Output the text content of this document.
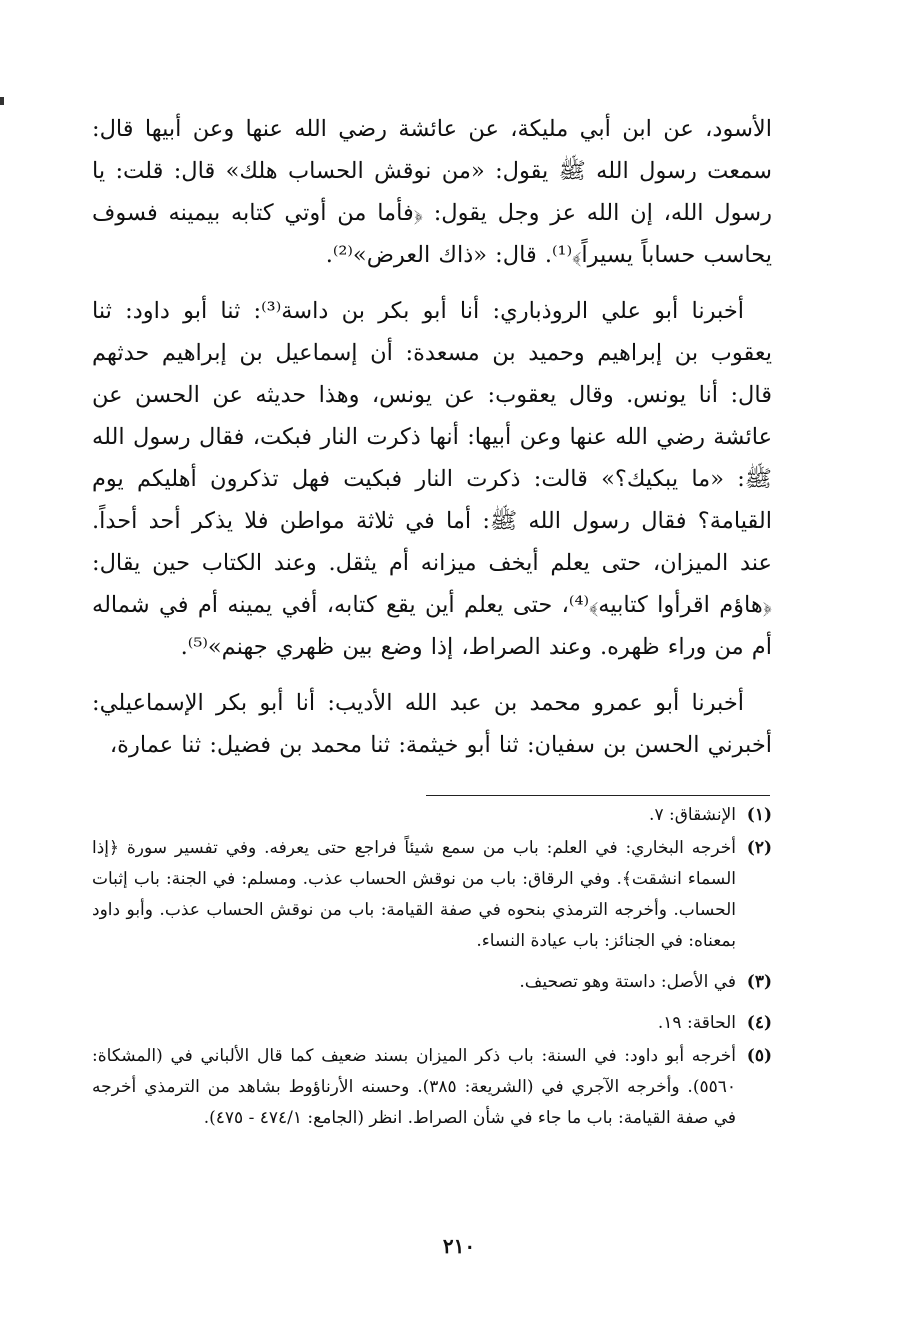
الأسود، عن ابن أبي مليكة، عن عائشة رضي الله عنها وعن أبيها قال: سمعت رسول الله ﷺ يقول: «من نوقش الحساب هلك» قال: قلت: يا رسول الله، إن الله عز وجل يقول: ﴿فأما من أوتي كتابه بيمينه فسوف يحاسب حساباً يسيراً﴾⁽¹⁾. قال: «ذاك العرض»⁽²⁾.

أخبرنا أبو علي الروذباري: أنا أبو بكر بن داسة⁽³⁾: ثنا أبو داود: ثنا يعقوب بن إبراهيم وحميد بن مسعدة: أن إسماعيل بن إبراهيم حدثهم قال: أنا يونس. وقال يعقوب: عن يونس، وهذا حديثه عن الحسن عن عائشة رضي الله عنها وعن أبيها: أنها ذكرت النار فبكت، فقال رسول الله ﷺ: «ما يبكيك؟» قالت: ذكرت النار فبكيت فهل تذكرون أهليكم يوم القيامة؟ فقال رسول الله ﷺ: أما في ثلاثة مواطن فلا يذكر أحد أحداً. عند الميزان، حتى يعلم أيخف ميزانه أم يثقل. وعند الكتاب حين يقال: ﴿هاؤم اقرأوا كتابيه﴾⁽⁴⁾، حتى يعلم أين يقع كتابه، أفي يمينه أم في شماله أم من وراء ظهره. وعند الصراط، إذا وضع بين ظهري جهنم»⁽⁵⁾.

أخبرنا أبو عمرو محمد بن عبد الله الأديب: أنا أبو بكر الإسماعيلي: أخبرني الحسن بن سفيان: ثنا أبو خيثمة: ثنا محمد بن فضيل: ثنا عمارة،

(١)
الإنشقاق: ٧.
(٢)
أخرجه البخاري: في العلم: باب من سمع شيئاً فراجع حتى يعرفه. وفي تفسير سورة ﴿إذا السماء انشقت﴾. وفي الرقاق: باب من نوقش الحساب عذب. ومسلم: في الجنة: باب إثبات الحساب. وأخرجه الترمذي بنحوه في صفة القيامة: باب من نوقش الحساب عذب. وأبو داود بمعناه: في الجنائز: باب عيادة النساء.
(٣)
في الأصل: داستة وهو تصحيف.
(٤)
الحاقة: ١٩.
(٥)
أخرجه أبو داود: في السنة: باب ذكر الميزان بسند ضعيف كما قال الألباني في (المشكاة: ٥٥٦٠). وأخرجه الآجري في (الشريعة: ٣٨٥). وحسنه الأرناؤوط بشاهد من الترمذي أخرجه في صفة القيامة: باب ما جاء في شأن الصراط. انظر (الجامع: ٤٧٤/١ - ٤٧٥).
٢١٠
